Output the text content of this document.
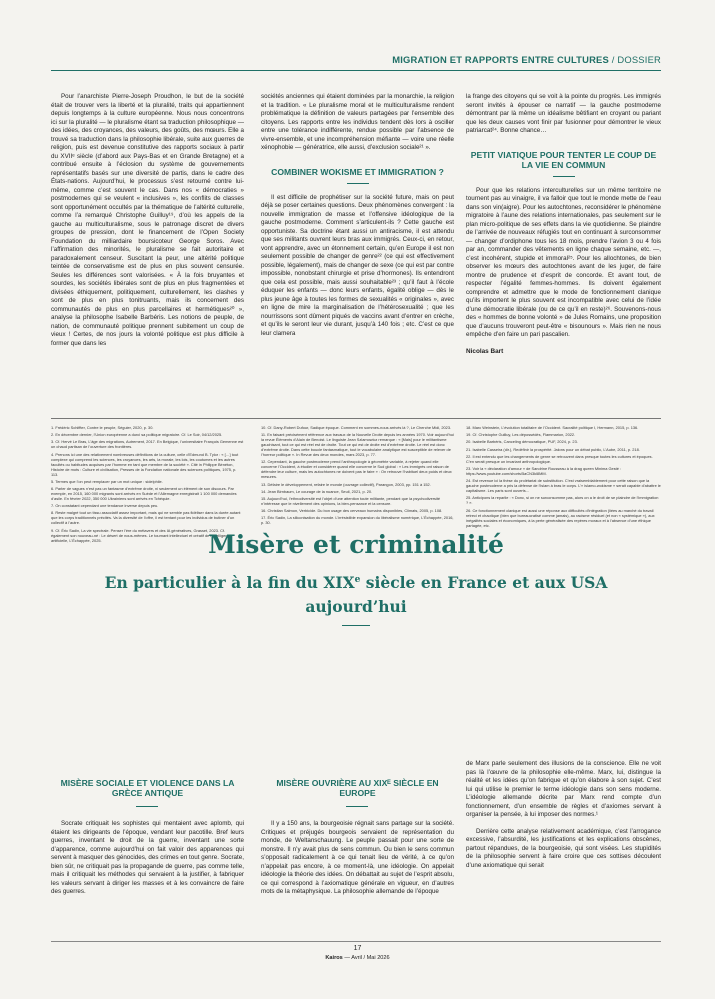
MIGRATION ET RAPPORTS ENTRE CULTURES / DOSSIER

Pour l’anarchiste Pierre-Joseph Proudhon, le but de la société était de trouver vers la liberté et la pluralité, traits qui appartiennent depuis longtemps à la culture européenne. Nous nous concentrons ici sur la pluralité — le pluralisme étant sa traduction philosophique — des idées, des croyances, des valeurs, des goûts, des mœurs. Elle a trouvé sa traduction dans la philosophie libérale, suite aux guerres de religion, puis est devenue constitutive des rapports sociaux à partir du XVIIᵉ siècle (d’abord aux Pays-Bas et en Grande Bretagne) et a contribué ensuite à l’éclosion du système de gouvernements représentatifs basés sur une diversité de partis, dans le cadre des États-nations. Aujourd’hui, le processus s’est retourné contre lui-même, comme c’est souvent le cas. Dans nos « démocraties » postmodernes qui se veulent « inclusives », les conflits de classes sont opportunément occultés par la thématique de l’altérité culturelle, comme l’a remarqué Christophe Guilluy¹⁹, d’où les appels de la gauche au multiculturalisme, sous le patronage discret de divers groupes de pression, dont le financement de l’Open Society Foundation du milliardaire boursicoteur George Soros. Avec l’affirmation des minorités, le pluralisme se fait autoritaire et paradoxalement censeur. Suscitant la peur, une altérité politique teintée de conservatisme est de plus en plus souvent censurée. Seules les différences sont valorisées. « À la fois bruyantes et sourdes, les sociétés libérales sont de plus en plus fragmentées et divisées éthiquement, politiquement, culturellement, les clashes y sont de plus en plus tonitruants, mais ils concernent des communautés de plus en plus parcellaires et hermétiques²⁰ », analyse la philosophe Isabelle Barbéris. Les notions de peuple, de nation, de communauté politique prennent subitement un coup de vieux ! Certes, de nos jours la volonté politique est plus difficile à former que dans les

sociétés anciennes qui étaient dominées par la monarchie, la religion et la tradition. « Le pluralisme moral et le multiculturalisme rendent problématique la définition de valeurs partagées par l’ensemble des citoyens. Les rapports entre les individus tendent dès lors à osciller entre une tolérance indifférente, rendue possible par l’absence de vivre-ensemble, et une incompréhension méfiante — voire une réelle xénophobie — génératrice, elle aussi, d’exclusion sociale²¹ ».

COMBINER WOKISME ET IMMIGRATION ?

Il est difficile de prophétiser sur la société future, mais on peut déjà se poser certaines questions. Deux phénomènes convergent : la nouvelle immigration de masse et l’offensive idéologique de la gauche postmoderne. Comment s’articulent-ils ? Cette gauche est opportuniste. Sa doctrine étant aussi un antiracisme, il est attendu que ses militants ouvrent leurs bras aux immigrés. Ceux-ci, en retour, vont apprendre, avec un étonnement certain, qu’en Europe il est non seulement possible de changer de genre²² (ce qui est effectivement possible, légalement), mais de changer de sexe (ce qui est par contre impossible, nonobstant chirurgie et prise d’hormones). Ils entendront que cela est possible, mais aussi souhaitable²³ ; qu’il faut à l’école éduquer les enfants — donc leurs enfants, égalité oblige — dès le plus jeune âge à toutes les formes de sexualités « originales », avec en ligne de mire la marginalisation de l’hétérosexualité ; que les nourrissons sont dûment piqués de vaccins avant d’entrer en crèche, et qu’ils le seront leur vie durant, jusqu’à 140 fois ; etc. C’est ce que leur clamera

la frange des citoyens qui se voit à la pointe du progrès. Les immigrés seront invités à épouser ce narratif — la gauche postmoderne démontrant par là même un idéalisme bêtifiant en croyant ou pariant que les deux causes vont finir par fusionner pour démontrer le vieux patriarcat²⁴. Bonne chance…

PETIT VIATIQUE POUR TENTER LE COUP DE LA VIE EN COMMUN

Pour que les relations interculturelles sur un même territoire ne tournent pas au vinaigre, il va falloir que tout le monde mette de l’eau dans son vin(aigre). Pour les autochtones, reconsidérer le phénomène migratoire à l’aune des relations internationales, pas seulement sur le plan micro-politique de ses effets dans la vie quotidienne. Se plaindre de l’arrivée de nouveaux réfugiés tout en continuant à surconsommer — changer d’ordiphone tous les 18 mois, prendre l’avion 3 ou 4 fois par an, commander des vêtements en ligne chaque semaine, etc. —, c’est incohérent, stupide et immoral²⁵. Pour les allochtones, de bien observer les mœurs des autochtones avant de les juger, de faire montre de prudence et d’esprit de concorde. Et avant tout, de respecter l’égalité femmes-hommes. Ils doivent également comprendre et admettre que le mode de fonctionnement clanique qu’ils importent le plus souvent est incompatible avec celui de l’idée d’une démocratie libérale (ou de ce qu’il en reste)²⁶. Souvenons-nous des « hommes de bonne volonté » de Jules Romains, une proposition que d’aucuns trouveront peut-être « bisounours ». Mais rien ne nous empêche d’en faire un pari pascalien.

Nicolas Bart
1. Frédéric Schiffter, Contre le peuple, Séguier, 2020, p. 30.
2. En décembre dernier, l’Union européenne a durci sa politique migratoire. Cf. Le Soir, 04/12/2025.
3. Cf. Hervé Le Bras, L’âge des migrations, Autrement, 2017. En Belgique, l’universitaire François Gemenne est un chaud partisan de l’ouverture des frontières.
4. Prenons ici une des relativement nombreuses définitions de la culture, celle d’Edmund B. Tylor : « […] tout complexe qui comprend les sciences, les croyances, les arts, la morale, les lois, les coutumes et les autres facultés ou habitudes acquises par l’homme en tant que membre de la société ». Cité in Philippe Bénéton, Histoire de mots : Culture et civilisation, Presses de la Fondation nationale des sciences politiques, 1975, p. 113.
5. Termes que l’on peut remplacer par un mot unique : sidelphile.
6. Parler de vagues n’est pas un fantasme d’extrême droite, ni seulement un élément de son discours. Par exemple, en 2015, 160 000 migrants sont arrivés en Suède et l’Allemagne enregistrait 1 100 000 demandes d’asile. En février 2022, 350 000 Ukrainiens sont arrivés en Tchéquie.
7. On constatant cependant une tendance inverse depuis peu.
8. Reste malgré tout un tissu associatif assez important, mais qui ne semble pas fidéliser dans la durée autant que les corps traditionnels précités. Va la diversité de l’offre, il est tentant pour les individus de butiner d’un collectif à l’autre.
9. Cf. Éric Sadin, La vie spectrale. Penser l’ère du métavers et des IA génératives, Grasset, 2023. Cf. également son nouveau-né : Le désert de nous-mêmes. Le tournant intellectuel et créatif de l’intelligence artificielle, L’Échappée, 2025.
10. Cf. Dany-Robert Dufour, Sadique époque. Comment en sommes-nous arrivés là ?, Le Cherche Midi, 2023.
11. En faisant précisément référence aux travaux de la Nouvelle Droite depuis les années 1970. Voir aujourd’hui la revue Éléments d’Alain de Benoist. Le linguiste Jean Szlamowicz remarque : « [Mais] pour le militantisme gauchisant, tout ce qui est réel est de droite. Tout ce qui est de droite est d’extrême droite. Le réel est donc d’extrême droite. Dans cette boucle fantasmatique, tout le vocabulaire analytique est susceptible de relever de l’horreur politique ». In Revue des deux mondes, mars 2023, p. 77.
12. Cependant, la gauche postmoderne prend l’anthropologie à géométrie variable, à rejeter quand elle concerne l’Occident, à étudier et considérer quand elle concerne le Sud global : « Les immigrés ont raison de défendre leur culture, mais les autochtones ne doivent pas le faire » : On retrouve l’habituel deux poids et deux mesures.
13. Défaire le développement, refaire le monde (ouvrage collectif), Parangon, 2003, pp. 151 à 152.
14. Jean Birnbaum, Le courage de la nuance, Seuil, 2021, p. 20.
15. Aujourd’hui, l’ethnodiversité est l’objet d’une attention toute militante, pendant que la psychodiversité n’intéresse que le nivellement des opinions, la bien-pensance et la censure.
16. Christian Salmon, Verbicide. Du bon usage des cerveaux humains disponibles, Climats, 2005, p. 108.
17. Éric Sadin, La siliconisation du monde. L’irrésistible expansion du libéralisme numérique, L’Échappée, 2016, p. 30.
18. Marc Weinstein, L’évolution totalitaire de l’Occident. Sacralité politique I, Hermann, 2015, p. 136.
19. Cf. Christophe Guilluy, Les dépossédés, Flammarion, 2022.
20. Isabelle Barbéris, Canceling démocratique, PUF, 2024, p. 23.
21. Isabelle Casseira (dir.), Redéfinir la prospérité. Jalons pour un débat public, L’Aube, 2011, p. 218.
22. Il est entendu que les changements de genre se retrouvent dans presque toutes les cultures et époques. C’en serait presque un invariant anthropologique.
23. Voir la « déclaration d’amour » de Sandrine Rousseau à la drag queen Minima Gesté : https://www.youtube.com/shorts/5aCN3kl8MM.
24. Est revenue ici la thèse du prolétariat de substitution. C’est vraisemblablement pour cette raison que la gauche postmoderne a pris la défense de l’islam à bras le corps. L’« islamo-wokisme » serait capable d’abattre le capitalisme. Les paris sont ouverts…
25. Anticipons la reparlie : « Donc, si on ne surconsomme pas, alors on a le droit de se plaindre de l’immigration ? ».
26. Ce fonctionnement clanique est aussi une réponse aux difficultés d’intégration (liées au marché du travail retreci et chaotique (bien que bureaucratisé comme jamais), au racisme résiduel (et non « systémique »), aux inégalités sociales et économiques, à la perte généralisée des repères moraux et à l’absence d’une éthique partagée, etc.
Misère et criminalité
En particulier à la fin du XIXe siècle en France et aux USA aujourd’hui
MISÈRE SOCIALE ET VIOLENCE DANS LA GRÈCE ANTIQUE

Socrate critiquait les sophistes qui mentaient avec aplomb, qui étaient les dirigeants de l’époque, vendant leur pacotille. Bref leurs guerres, inventant le droit de la guerre, inventant une sorte d’apparence, comme aujourd’hui on fait valoir des apparences qui servent à masquer des génocides, des crimes en tout genre. Socrate, bien sûr, ne critiquait pas la propagande de guerre, pas comme telle, mais il critiquait les méthodes qui servaient à la justifier, à fabriquer les valeurs servant à diriger les masses et à les convaincre de faire des guerres.

MISÈRE OUVRIÈRE AU XIXᴱ SIÈCLE EN EUROPE

Il y a 150 ans, la bourgeoisie régnait sans partage sur la société. Critiques et préjugés bourgeois servaient de représentation du monde, de Weltanschauung. Le peuple passait pour une sorte de monstre. Il n’y avait plus de sens commun. Ou bien le sens commun s’opposait radicalement à ce qui tenait lieu de vérité, à ce qu’on n’appelait pas encore, à ce moment-là, une idéologie. On appelait idéologie la théorie des idées. On débattait au sujet de l’esprit absolu, ce qui correspond à l’axiomatique générale en vigueur, en d’autres mots de la métaphysique. La philosophie allemande de l’époque

de Marx parle seulement des illusions de la conscience. Elle ne voit pas là l’œuvre de la philosophie elle-même. Marx, lui, distingue la réalité et les idées qu’on fabrique et qu’on élabore à son sujet. C’est lui qui utilise le premier le terme idéologie dans son sens moderne. L’idéologie allemande décrite par Marx rend compte d’un fonctionnement, d’un ensemble de règles et d’axiomes servant à organiser la pensée, à lui imposer des normes.¹

Derrière cette analyse relativement académique, c’est l’arrogance excessive, l’absurdité, les justifications et les explications obscènes, partout répandues, de la bourgeoisie, qui sont visées. Les stupidités de la philosophie servent à faire croire que ces sottises découlent d’une axiomatique qui serait

17
Kairos — Avril / Mai 2026
